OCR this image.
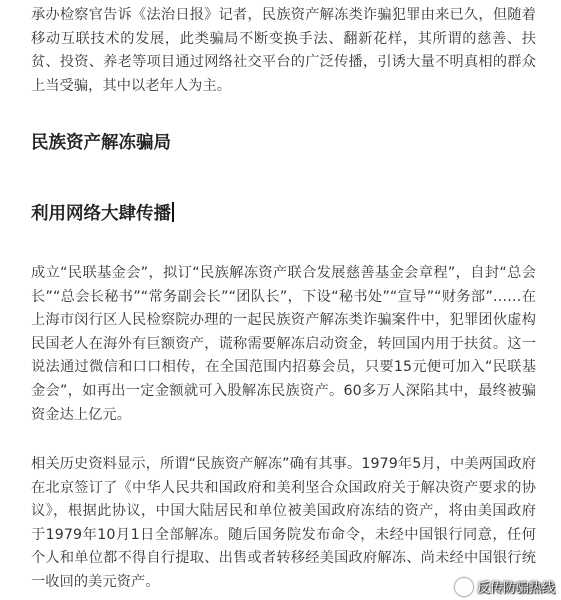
承办检察官告诉《法治日报》记者，民族资产解冻类诈骗犯罪由来已久，但随着移动互联技术的发展，此类骗局不断变换手法、翻新花样，其所谓的慈善、扶贫、投资、养老等项目通过网络社交平台的广泛传播，引诱大量不明真相的群众上当受骗，其中以老年人为主。

民族资产解冻骗局
利用网络大肆传播

成立“民联基金会”，拟订“民族解冻资产联合发展慈善基金会章程”，自封“总会长”“总会长秘书”“常务副会长”“团队长”，下设“秘书处”“宣导”“财务部”……在上海市闵行区人民检察院办理的一起民族资产解冻类诈骗案件中，犯罪团伙虚构民国老人在海外有巨额资产，谎称需要解冻启动资金，转回国内用于扶贫。这一说法通过微信和口口相传，在全国范围内招募会员，只要15元便可加入“民联基金会”，如再出一定金额就可入股解冻民族资产。60多万人深陷其中，最终被骗资金达上亿元。

相关历史资料显示，所谓“民族资产解冻”确有其事。1979年5月，中美两国政府在北京签订了《中华人民共和国政府和美利坚合众国政府关于解决资产要求的协议》，根据此协议，中国大陆居民和单位被美国政府冻结的资产，将由美国政府于1979年10月1日全部解冻。随后国务院发布命令，未经中国银行同意，任何个人和单位都不得自行提取、出售或者转移经美国政府解冻、尚未经中国银行统一收回的美元资产。	反传防骗热线
